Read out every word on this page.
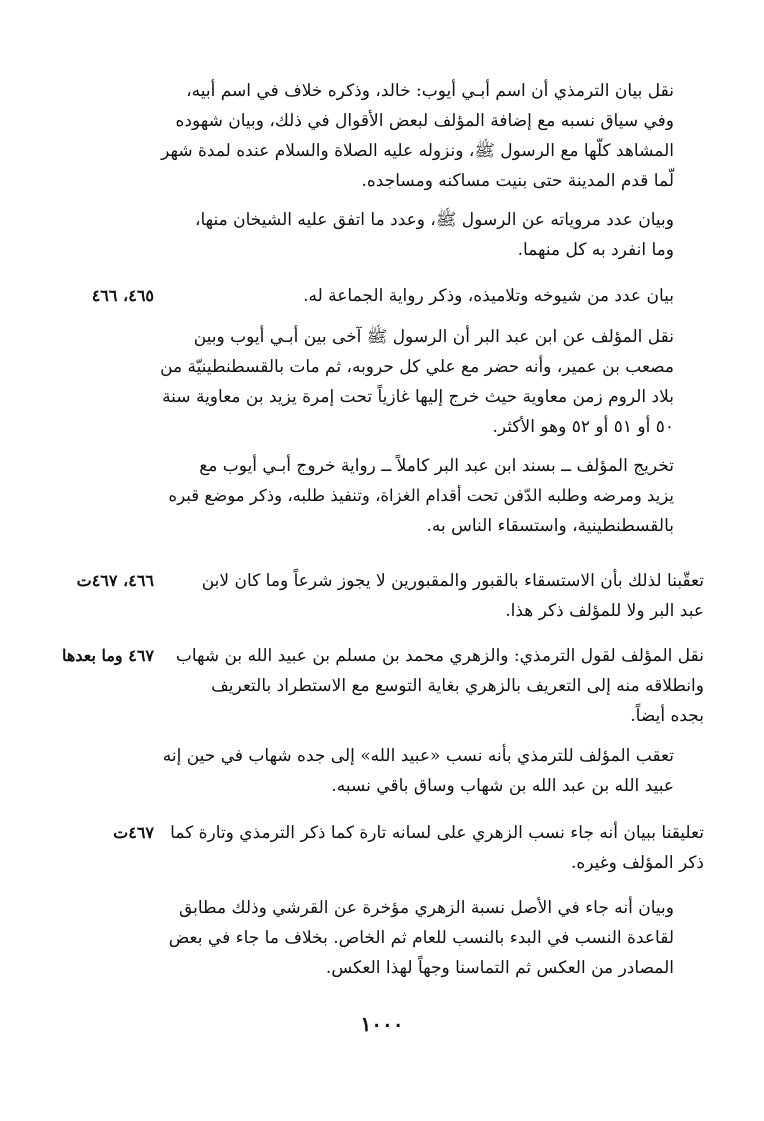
نقل بيان الترمذي أن اسم أبـي أيوب: خالد، وذكره خلاف في اسم أبيه،
وفي سياق نسبه مع إضافة المؤلف لبعض الأقوال في ذلك، وبيان شهوده
المشاهد كلّها مع الرسول ﷺ، ونزوله عليه الصلاة والسلام عنده لمدة شهر
لّما قدم المدينة حتى بنيت مساكنه ومساجده.
وبيان عدد مروياته عن الرسول ﷺ، وعدد ما اتفق عليه الشيخان منها،
وما انفرد به كل منهما.
بيان عدد من شيوخه وتلاميذه، وذكر رواية الجماعة له.
٤٦٥، ٤٦٦
نقل المؤلف عن ابن عبد البر أن الرسول ﷺ آخى بين أبـي أيوب وبين
مصعب بن عمير، وأنه حضر مع علي كل حروبه، ثم مات بالقسطنطينيّة من
بلاد الروم زمن معاوية حيث خرج إليها غازياً تحت إمرة يزيد بن معاوية سنة
٥٠ أو ٥١ أو ٥٢ وهو الأكثر.
تخريج المؤلف ــ بسند ابن عبد البر كاملاً ــ رواية خروج أبـي أيوب مع
يزيد ومرضه وطلبه الدّفن تحت أقدام الغزاة، وتنفيذ طلبه، وذكر موضع قبره
بالقسطنطينية، واستسقاء الناس به.
تعقّبنا لذلك بأن الاستسقاء بالقبور والمقبورين لا يجوز شرعاً وما كان لابن
عبد البر ولا للمؤلف ذكر هذا.
٤٦٦، ٤٦٧ت
نقل المؤلف لقول الترمذي: والزهري محمد بن مسلم بن عبيد الله بن شهاب
وانطلاقه منه إلى التعريف بالزهري بغاية التوسع مع الاستطراد بالتعريف
بجده أيضاً.
٤٦٧ وما بعدها
تعقب المؤلف للترمذي بأنه نسب «عبيد الله» إلى جده شهاب في حين إنه
عبيد الله بن عبد الله بن شهاب وساق باقي نسبه.
تعليقنا ببيان أنه جاء نسب الزهري على لسانه تارة كما ذكر الترمذي وتارة كما
ذكر المؤلف وغيره.
٤٦٧ت
وبيان أنه جاء في الأصل نسبة الزهري مؤخرة عن القرشي وذلك مطابق
لقاعدة النسب في البدء بالنسب للعام ثم الخاص. بخلاف ما جاء في بعض
المصادر من العكس ثم التماسنا وجهاً لهذا العكس.
١٠٠٠
